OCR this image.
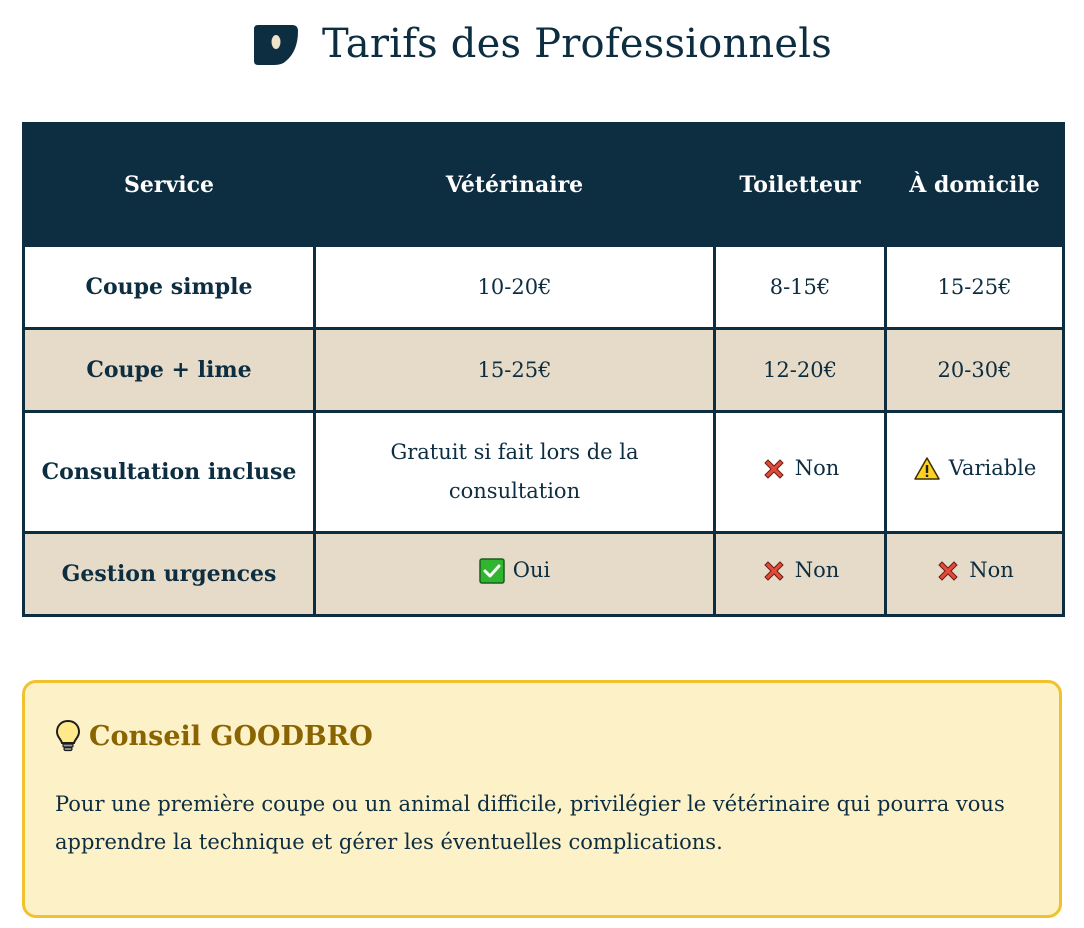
Tarifs des Professionnels
Service	Vétérinaire	Toiletteur	À domicile
Coupe simple	10-20€	8-15€	15-25€
Coupe + lime	15-25€	12-20€	20-30€
Consultation incluse	Gratuit si fait lors de la consultation	Non	Variable

Gestion urgences	Oui	Non	Non
Conseil GOODBRO
Pour une première coupe ou un animal difficile, privilégier le vétérinaire qui pourra vous apprendre la technique et gérer les éventuelles complications.
